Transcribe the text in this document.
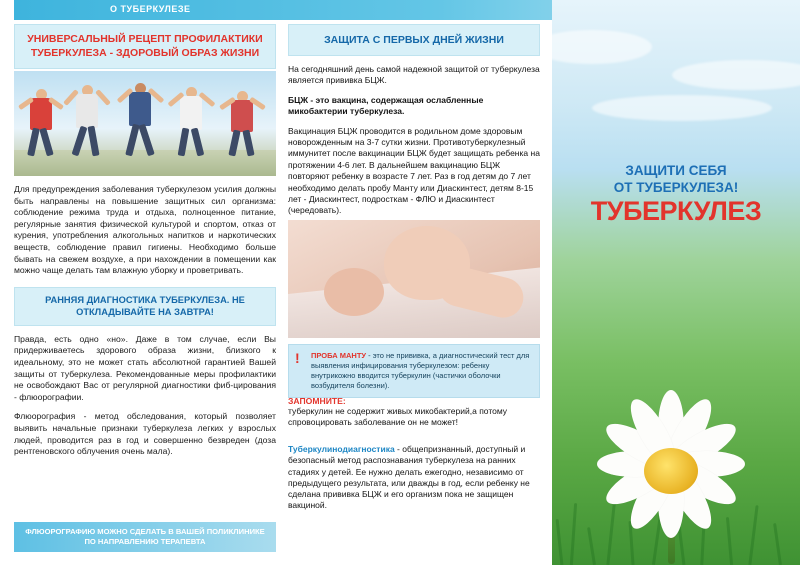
О ТУБЕРКУЛЕЗЕ
УНИВЕРСАЛЬНЫЙ РЕЦЕПТ ПРОФИЛАКТИКИ ТУБЕРКУЛЕЗА - ЗДОРОВЫЙ ОБРАЗ ЖИЗНИ
Для предупреждения заболевания туберкулезом усилия должны быть направлены на повышение защитных сил организма: соблюдение режима труда и отдыха, полноценное питание, регулярные занятия физической культурой и спортом, отказ от курения, употребления алкогольных напитков и наркотических веществ, соблюдение правил гигиены. Необходимо больше бывать на свежем воздухе, а при нахождении в помещении как можно чаще делать там влажную уборку и проветривать.
РАННЯЯ ДИАГНОСТИКА ТУБЕРКУЛЕЗА. НЕ ОТКЛАДЫВАЙТЕ НА ЗАВТРА!
Правда, есть одно «но». Даже в том случае, если Вы придерживаетесь здорового образа жизни, близкого к идеальному, это не может стать абсолютной гарантией Вашей защиты от туберкулеза. Рекомендованные меры профилактики не освобождают Вас от регулярной диагностики фиб-цирования - флюорографии.
Флюорография - метод обследования, который позволяет выявить начальные признаки туберкулеза легких у взрослых людей, проводится раз в год и совершенно безвреден (доза рентгеновского облучения очень мала).
ФЛЮОРОГРАФИЮ МОЖНО СДЕЛАТЬ В ВАШЕЙ ПОЛИКЛИНИКЕ ПО НАПРАВЛЕНИЮ ТЕРАПЕВТА
ЗАЩИТА С ПЕРВЫХ ДНЕЙ ЖИЗНИ
На сегодняшний день самой надежной защитой от туберкулеза является прививка БЦЖ.
БЦЖ - это вакцина, содержащая ослабленные микобактерии туберкулеза.
Вакцинация БЦЖ проводится в родильном доме здоровым новорожденным на 3-7 сутки жизни. Противотуберкулезный иммунитет после вакцинации БЦЖ будет защищать ребенка на протяжении 4-6 лет. В дальнейшем вакцинацию БЦЖ повторяют ребенку в возрасте 7 лет. Раз в год детям до 7 лет необходимо делать пробу Манту или Диаскинтест, детям 8-15 лет - Диаскинтест, подросткам - ФЛЮ и Диаскинтест (чередовать).
!	ПРОБА МАНТУ - это не прививка, а диагностический тест для выявления инфицирования туберкулезом: ребенку внутрикожно вводится туберкулин (частички оболочки возбудителя болезни).
ЗАПОМНИТЕ:
туберкулин не содержит живых микобактерий,а потому спровоцировать заболевание он не может!
Туберкулинодиагностика - общепризнанный, доступный и безопасный метод распознавания туберкулеза на ранних стадиях у детей. Ее нужно делать ежегодно, независимо от предыдущего результата, или дважды в год, если ребенку не сделана прививка БЦЖ и его организм пока не защищен вакциной.
ЗАЩИТИ СЕБЯ
ОТ ТУБЕРКУЛЕЗА!
ТУБЕРКУЛЕЗ
